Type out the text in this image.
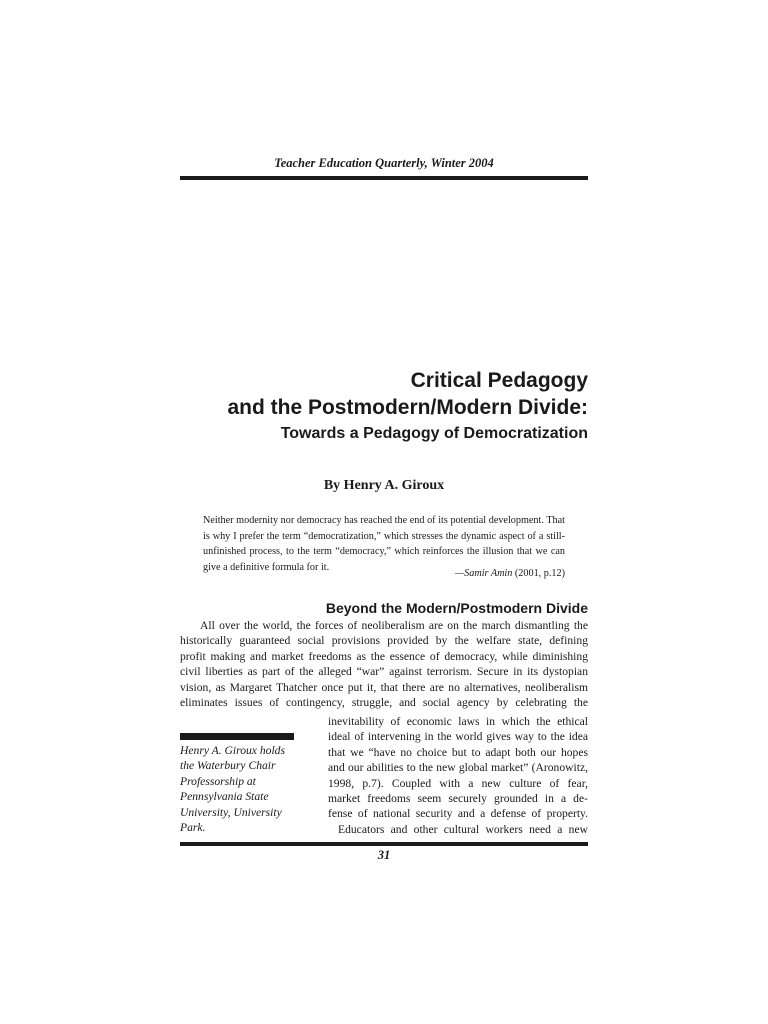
Teacher Education Quarterly, Winter 2004
Critical Pedagogy
and the Postmodern/Modern Divide:
Towards a Pedagogy of Democratization
By Henry A. Giroux
Neither modernity nor democracy has reached the end of its potential development. That is why I prefer the term “democratization,” which stresses the dynamic aspect of a still-unfinished process, to the term “democracy,” which reinforces the illusion that we can give a definitive formula for it.
—Samir Amin (2001, p.12)
Beyond the Modern/Postmodern Divide
All over the world, the forces of neoliberalism are on the march dismantling the
historically guaranteed social provisions provided by the welfare state, defining
profit making and market freedoms as the essence of democracy, while diminishing
civil liberties as part of the alleged “war” against terrorism. Secure in its dystopian
vision, as Margaret Thatcher once put it, that there are no alternatives, neoliberalism
eliminates issues of contingency, struggle, and social agency by celebrating the
inevitability of economic laws in which the ethical
ideal of intervening in the world gives way to the idea
that we “have no choice but to adapt both our hopes
and our abilities to the new global market” (Aronowitz,
1998, p.7). Coupled with a new culture of fear,
market freedoms seem securely grounded in a de-
fense of national security and a defense of property.
Educators and other cultural workers need a new
Henry A. Giroux holds
the Waterbury Chair
Professorship at
Pennsylvania State
University, University
Park.
31
